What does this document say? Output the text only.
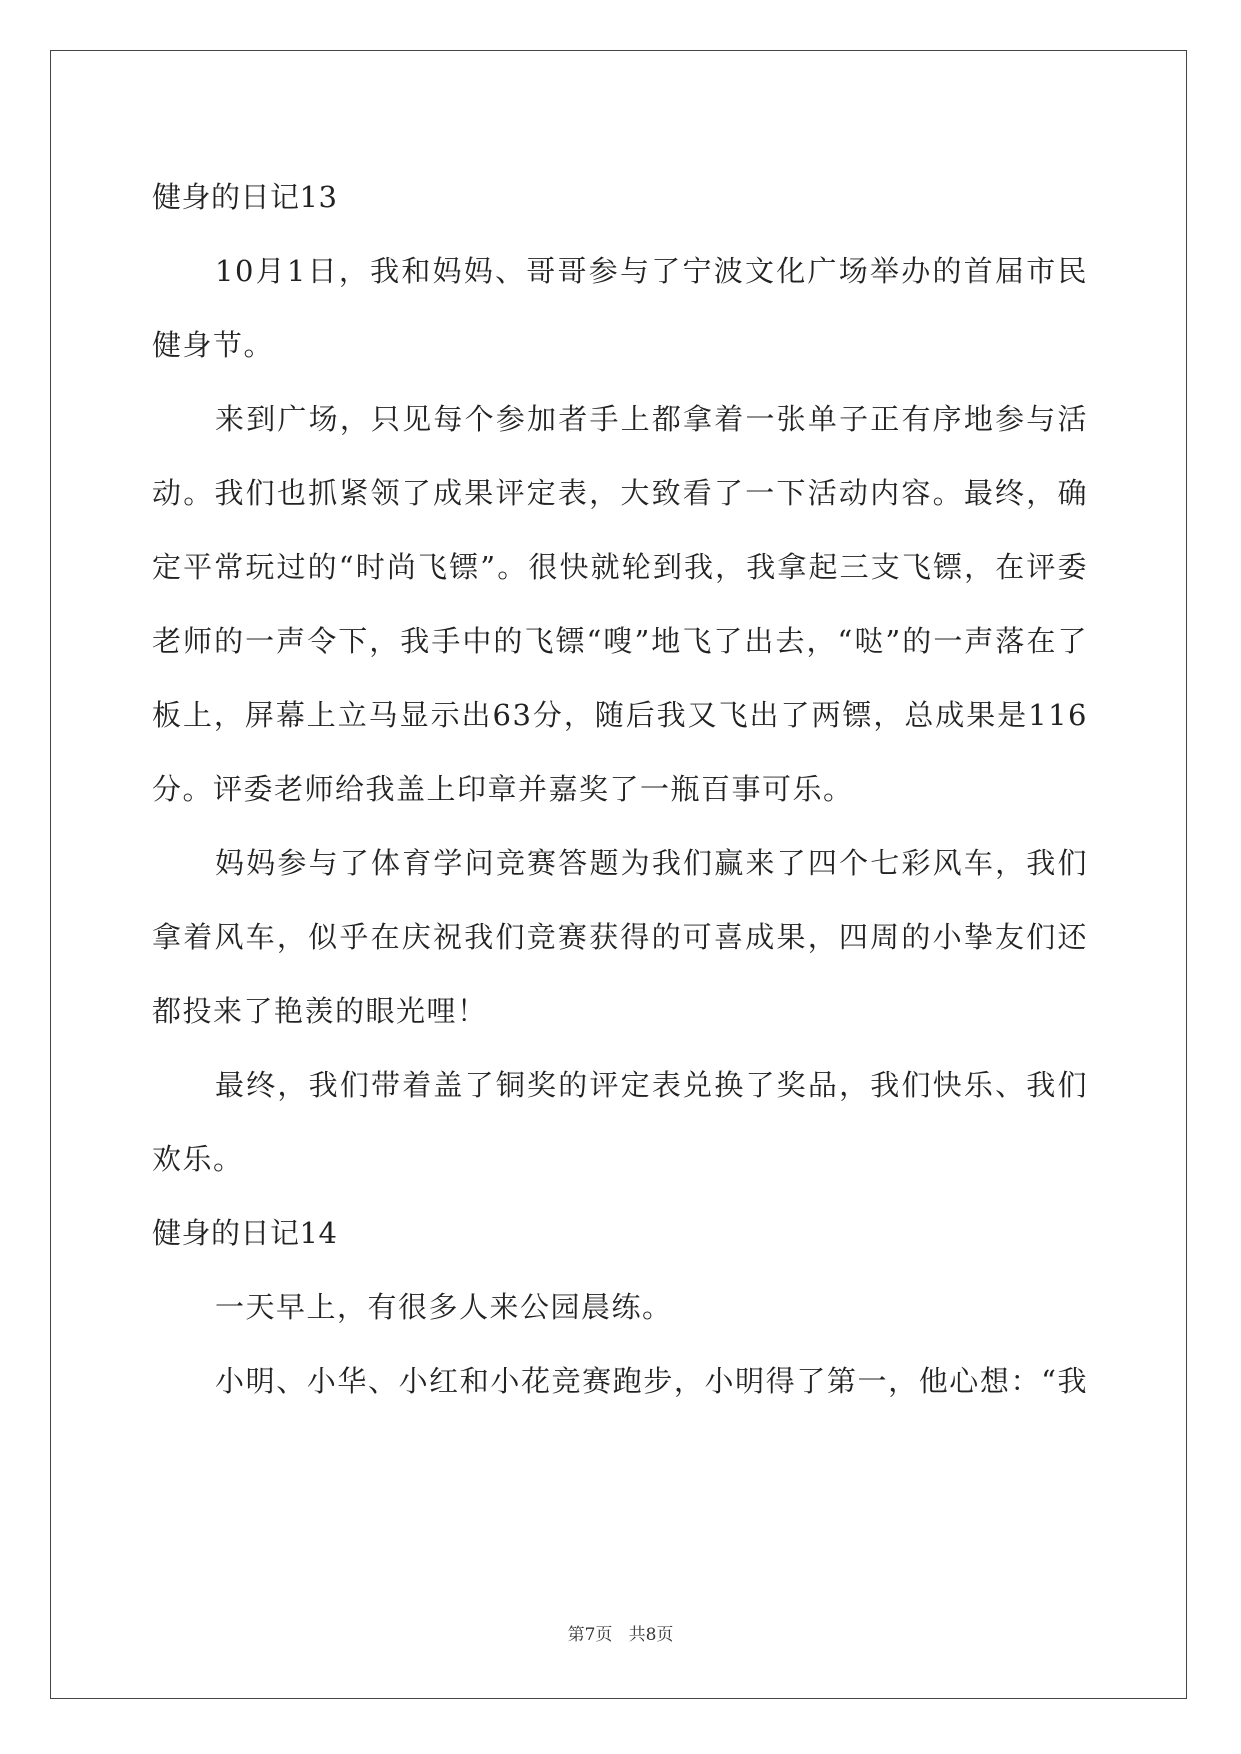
健身的日记13

10月1日，我和妈妈、哥哥参与了宁波文化广场举办的首届市民健身节。

来到广场，只见每个参加者手上都拿着一张单子正有序地参与活动。我们也抓紧领了成果评定表，大致看了一下活动内容。最终，确定平常玩过的“时尚飞镖”。很快就轮到我，我拿起三支飞镖，在评委老师的一声令下，我手中的飞镖“嗖”地飞了出去，“哒”的一声落在了板上，屏幕上立马显示出63分，随后我又飞出了两镖，总成果是116分。评委老师给我盖上印章并嘉奖了一瓶百事可乐。

妈妈参与了体育学问竞赛答题为我们赢来了四个七彩风车，我们拿着风车，似乎在庆祝我们竞赛获得的可喜成果，四周的小挚友们还都投来了艳羡的眼光哩！

最终，我们带着盖了铜奖的评定表兑换了奖品，我们快乐、我们欢乐。

健身的日记14

一天早上，有很多人来公园晨练。

小明、小华、小红和小花竞赛跑步，小明得了第一，他心想：“我

第7页   共8页
